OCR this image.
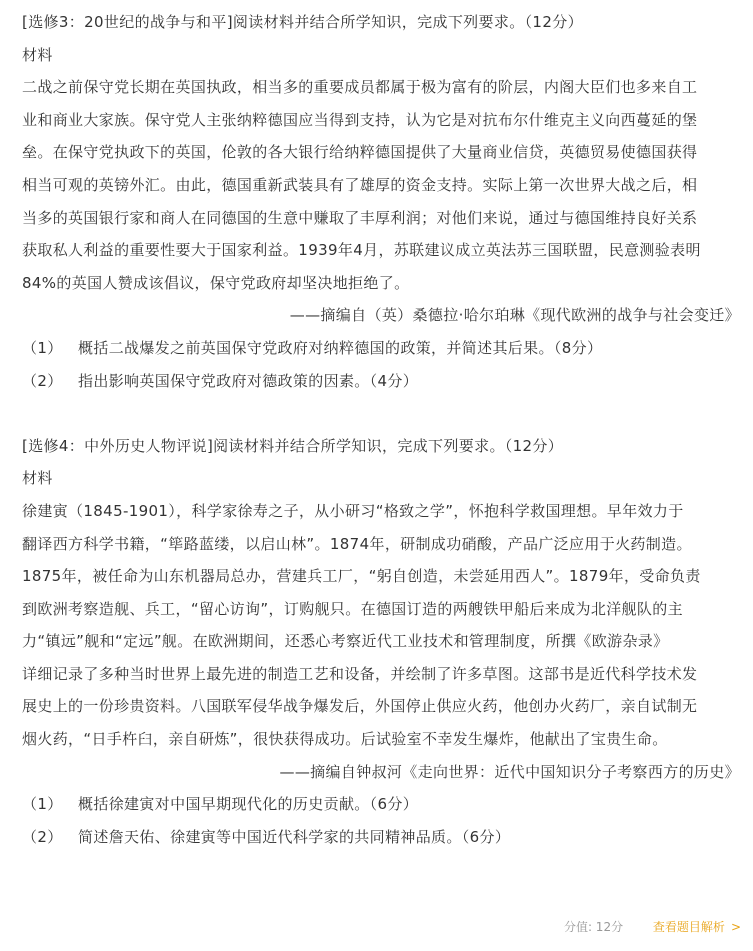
[选修3：20世纪的战争与和平]阅读材料并结合所学知识，完成下列要求。（12分）
材料
二战之前保守党长期在英国执政，相当多的重要成员都属于极为富有的阶层，内阁大臣们也多来自工
业和商业大家族。保守党人主张纳粹德国应当得到支持，认为它是对抗布尔什维克主义向西蔓延的堡
垒。在保守党执政下的英国，伦敦的各大银行给纳粹德国提供了大量商业信贷，英德贸易使德国获得
相当可观的英镑外汇。由此，德国重新武装具有了雄厚的资金支持。实际上第一次世界大战之后，相
当多的英国银行家和商人在同德国的生意中赚取了丰厚利润；对他们来说，通过与德国维持良好关系
获取私人利益的重要性要大于国家利益。1939年4月，苏联建议成立英法苏三国联盟，民意测验表明
84%的英国人赞成该倡议，保守党政府却坚决地拒绝了。
——摘编自（英）桑德拉·哈尔珀琳《现代欧洲的战争与社会变迁》
（1） 概括二战爆发之前英国保守党政府对纳粹德国的政策，并简述其后果。（8分）
（2） 指出影响英国保守党政府对德政策的因素。（4分）
[选修4：中外历史人物评说]阅读材料并结合所学知识，完成下列要求。（12分）
材料
徐建寅（1845-1901），科学家徐寿之子，从小研习“格致之学”，怀抱科学救国理想。早年效力于
翻译西方科学书籍，“筚路蓝缕，以启山林”。1874年，研制成功硝酸，产品广泛应用于火药制造。
1875年，被任命为山东机器局总办，营建兵工厂，“躬自创造，未尝延用西人”。1879年，受命负责
到欧洲考察造舰、兵工，“留心访询”，订购舰只。在德国订造的两艘铁甲船后来成为北洋舰队的主
力“镇远”舰和“定远”舰。在欧洲期间，还悉心考察近代工业技术和管理制度，所撰《欧游杂录》
详细记录了多种当时世界上最先进的制造工艺和设备，并绘制了许多草图。这部书是近代科学技术发
展史上的一份珍贵资料。八国联军侵华战争爆发后，外国停止供应火药，他创办火药厂，亲自试制无
烟火药，“日手杵臼，亲自研炼”，很快获得成功。后试验室不幸发生爆炸，他献出了宝贵生命。
——摘编自钟叔河《走向世界：近代中国知识分子考察西方的历史》
（1） 概括徐建寅对中国早期现代化的历史贡献。（6分）
（2） 简述詹天佑、徐建寅等中国近代科学家的共同精神品质。（6分）
分值: 12分 查看题目解析 >
